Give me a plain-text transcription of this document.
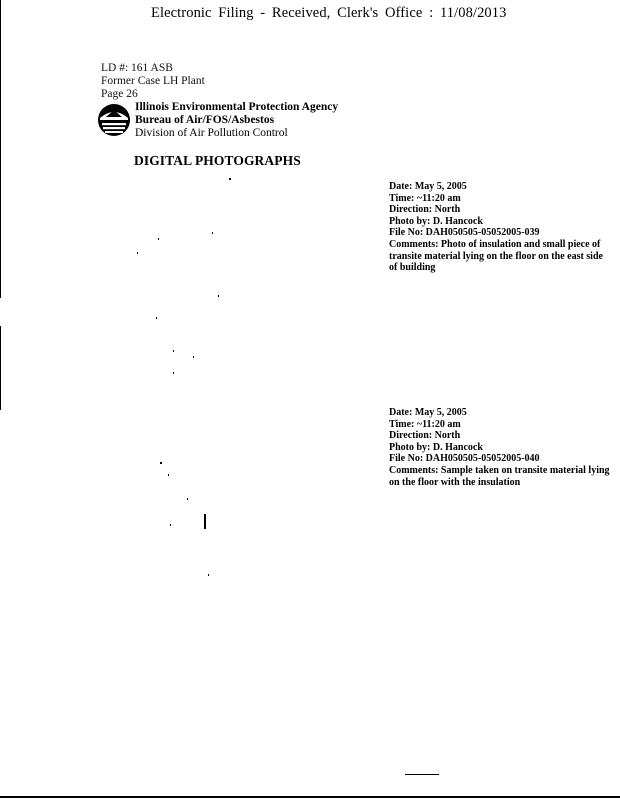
Electronic Filing - Received, Clerk's Office : 11/08/2013
LD #: 161 ASB
Former Case LH Plant
Page 26
Illinois Environmental Protection Agency
Bureau of Air/FOS/Asbestos
Division of Air Pollution Control
DIGITAL PHOTOGRAPHS
Date: May 5, 2005
Time: ~11:20 am
Direction: North
Photo by: D. Hancock
File No: DAH050505-05052005-039
Comments: Photo of insulation and small piece of transite material lying on the floor on the east side of building
Date: May 5, 2005
Time: ~11:20 am
Direction: North
Photo by: D. Hancock
File No: DAH050505-05052005-040
Comments: Sample taken on transite material lying on the floor with the insulation
